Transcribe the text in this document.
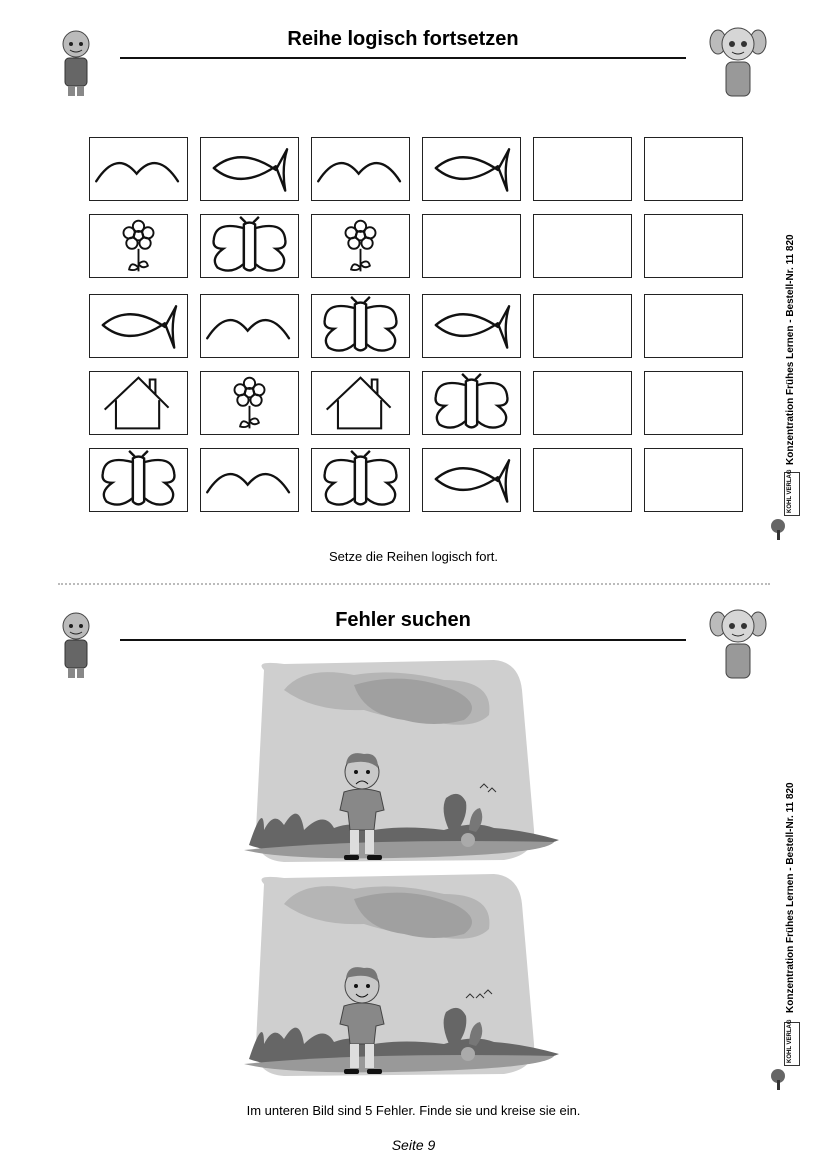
Reihe logisch fortsetzen
Setze die Reihen logisch fort.
Fehler suchen
Im unteren Bild sind 5 Fehler. Finde sie und kreise sie ein.
Konzentration Frühes Lernen - Bestell-Nr. 11 820
KOHL VERLAG
Konzentration Frühes Lernen - Bestell-Nr. 11 820
KOHL VERLAG
Seite 9
